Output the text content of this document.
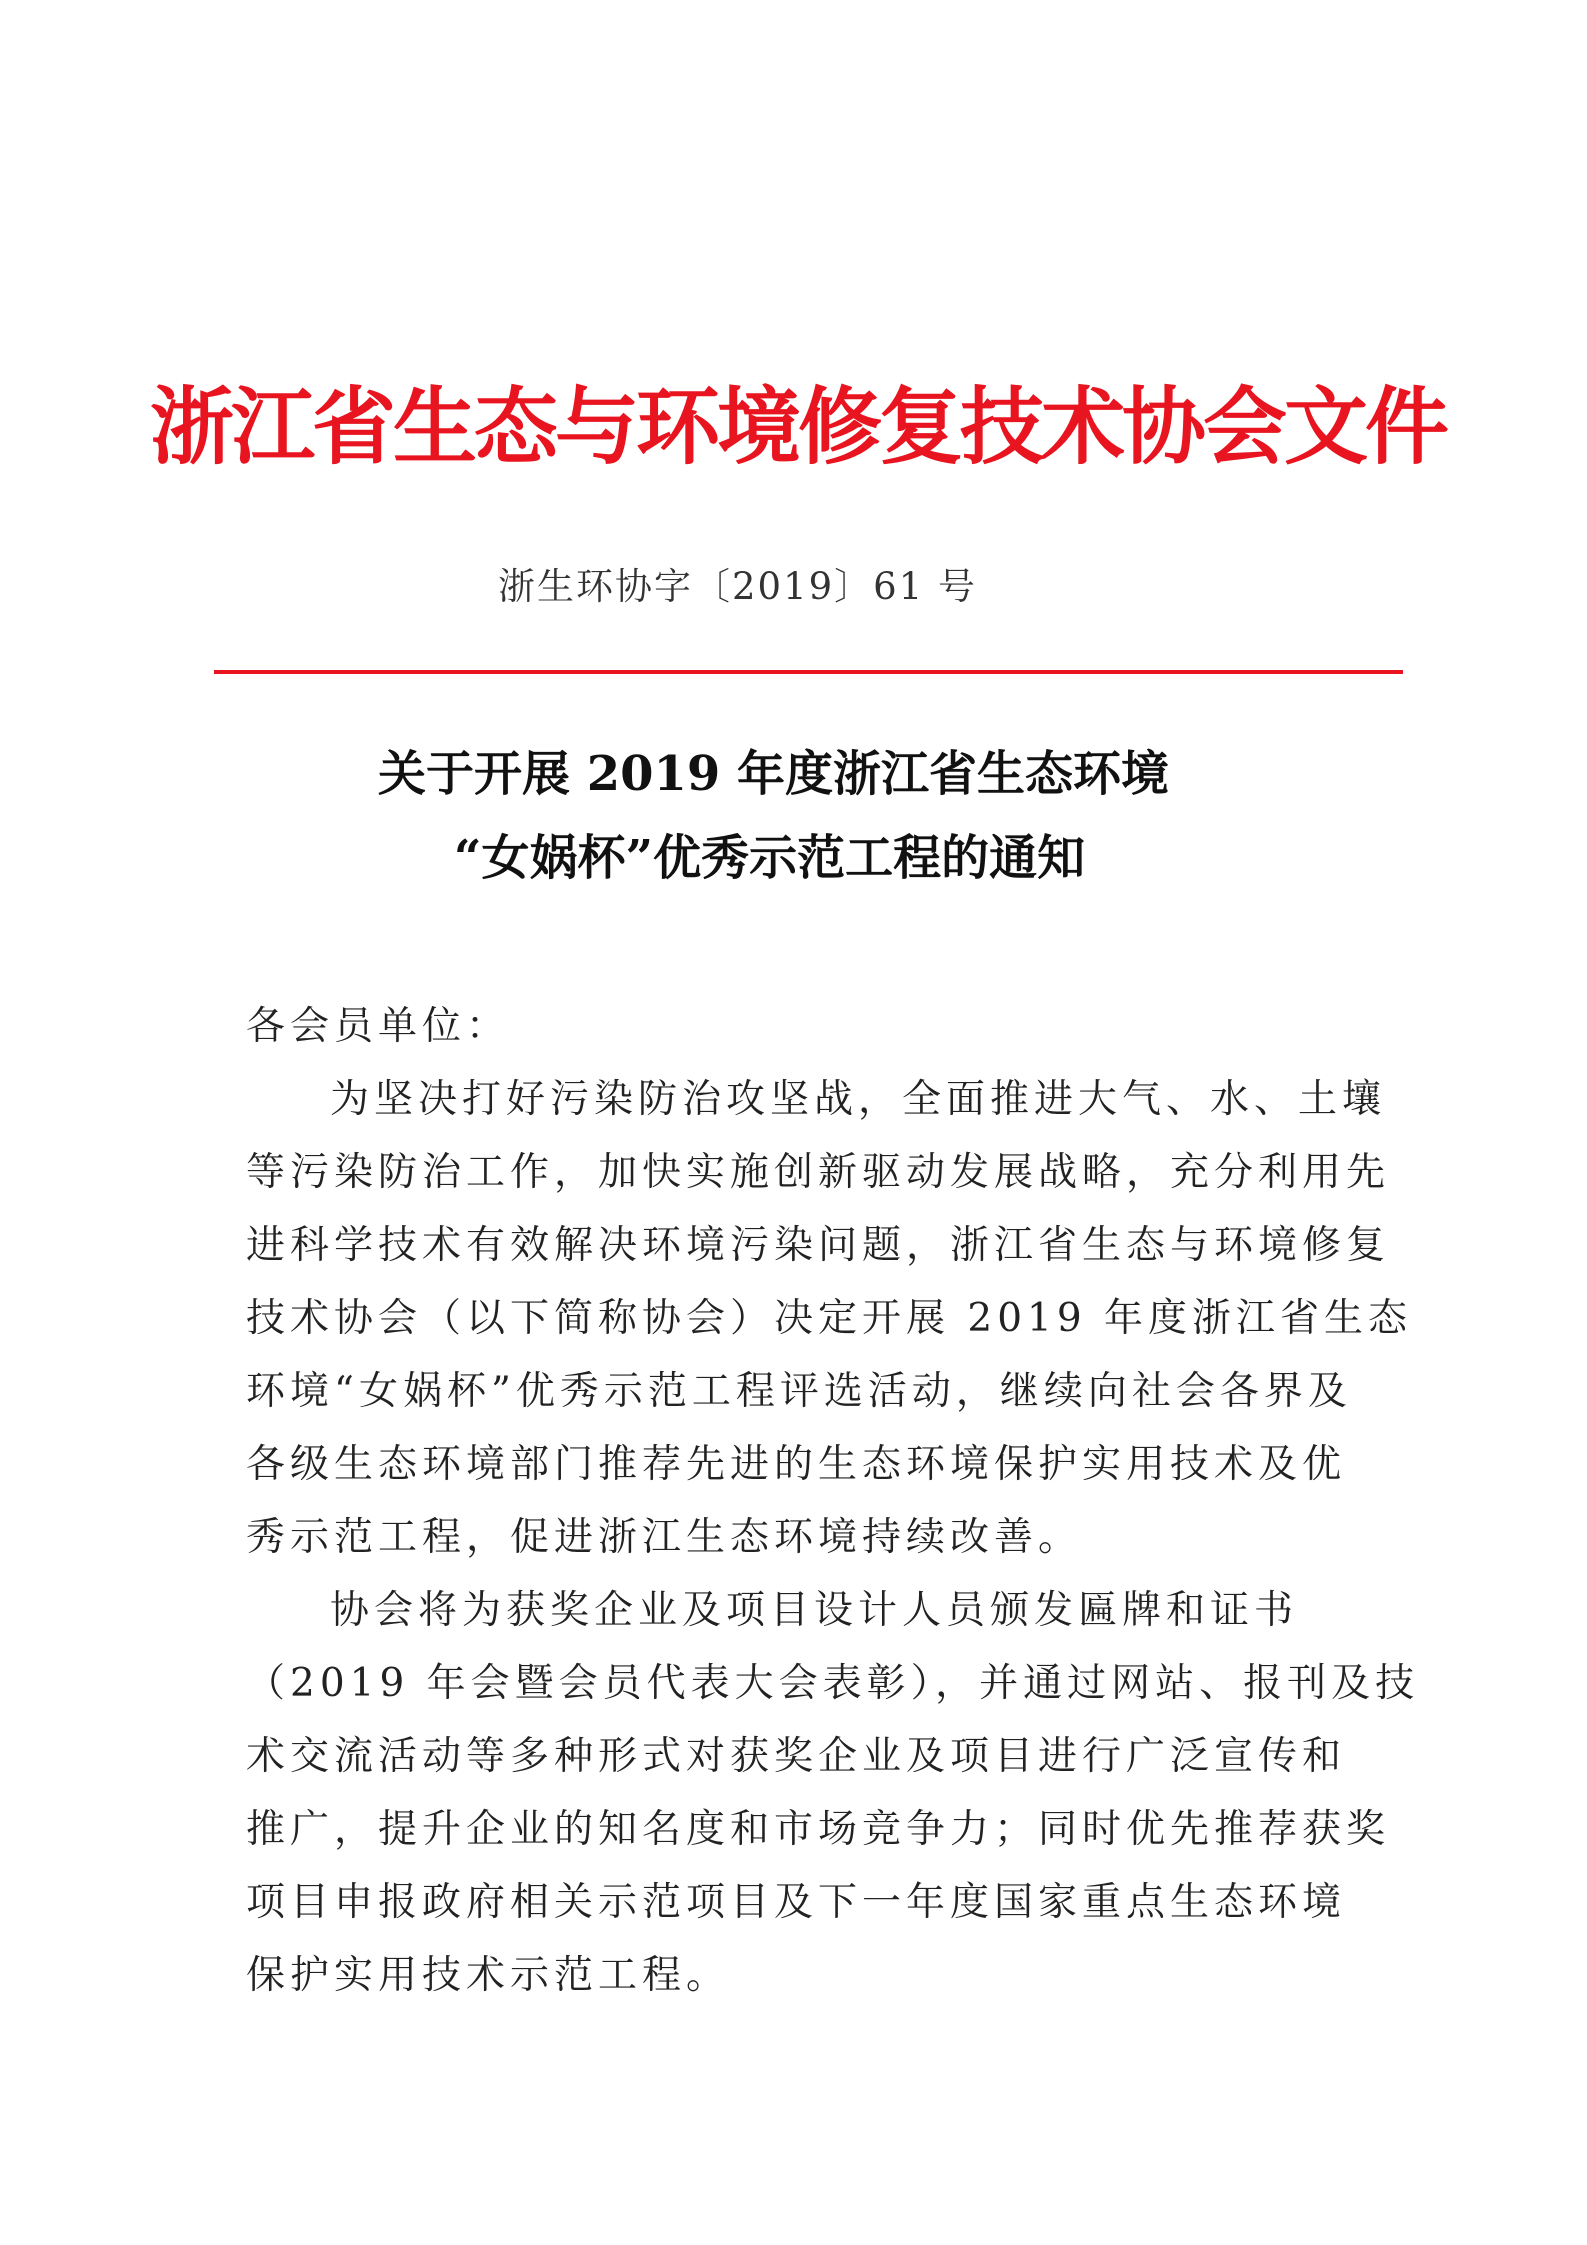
浙江省生态与环境修复技术协会文件
浙生环协字〔2019〕61 号
关于开展 2019 年度浙江省生态环境
“女娲杯”优秀示范工程的通知
各会员单位：
为坚决打好污染防治攻坚战，全面推进大气、水、土壤
等污染防治工作，加快实施创新驱动发展战略，充分利用先
进科学技术有效解决环境污染问题，浙江省生态与环境修复
技术协会（以下简称协会）决定开展 2019 年度浙江省生态
环境“女娲杯”优秀示范工程评选活动，继续向社会各界及
各级生态环境部门推荐先进的生态环境保护实用技术及优
秀示范工程，促进浙江生态环境持续改善。
协会将为获奖企业及项目设计人员颁发匾牌和证书
（2019 年会暨会员代表大会表彰），并通过网站、报刊及技
术交流活动等多种形式对获奖企业及项目进行广泛宣传和
推广，提升企业的知名度和市场竞争力；同时优先推荐获奖
项目申报政府相关示范项目及下一年度国家重点生态环境
保护实用技术示范工程。
